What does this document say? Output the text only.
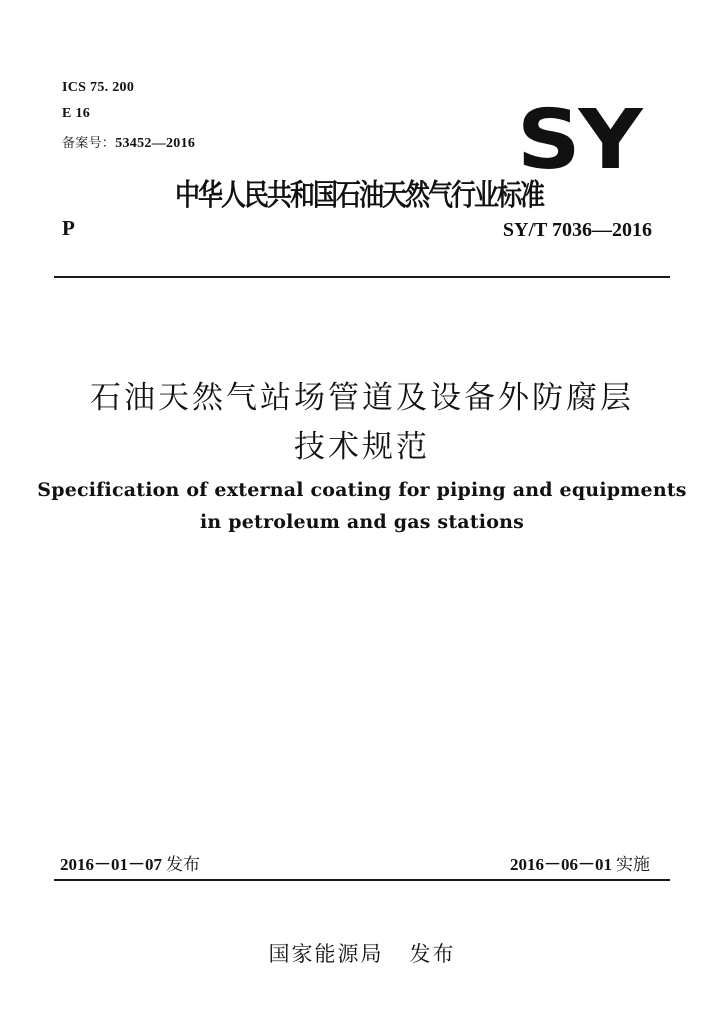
ICS 75. 200
E 16
备案号：53452—2016	SY
中华人民共和国石油天然气行业标准
P	SY/T 7036—2016
石油天然气站场管道及设备外防腐层
技术规范
Specification of external coating for piping and equipments
in petroleum and gas stations
2016－01－07 发布	2016－06－01 实施
国家能源局 发布
